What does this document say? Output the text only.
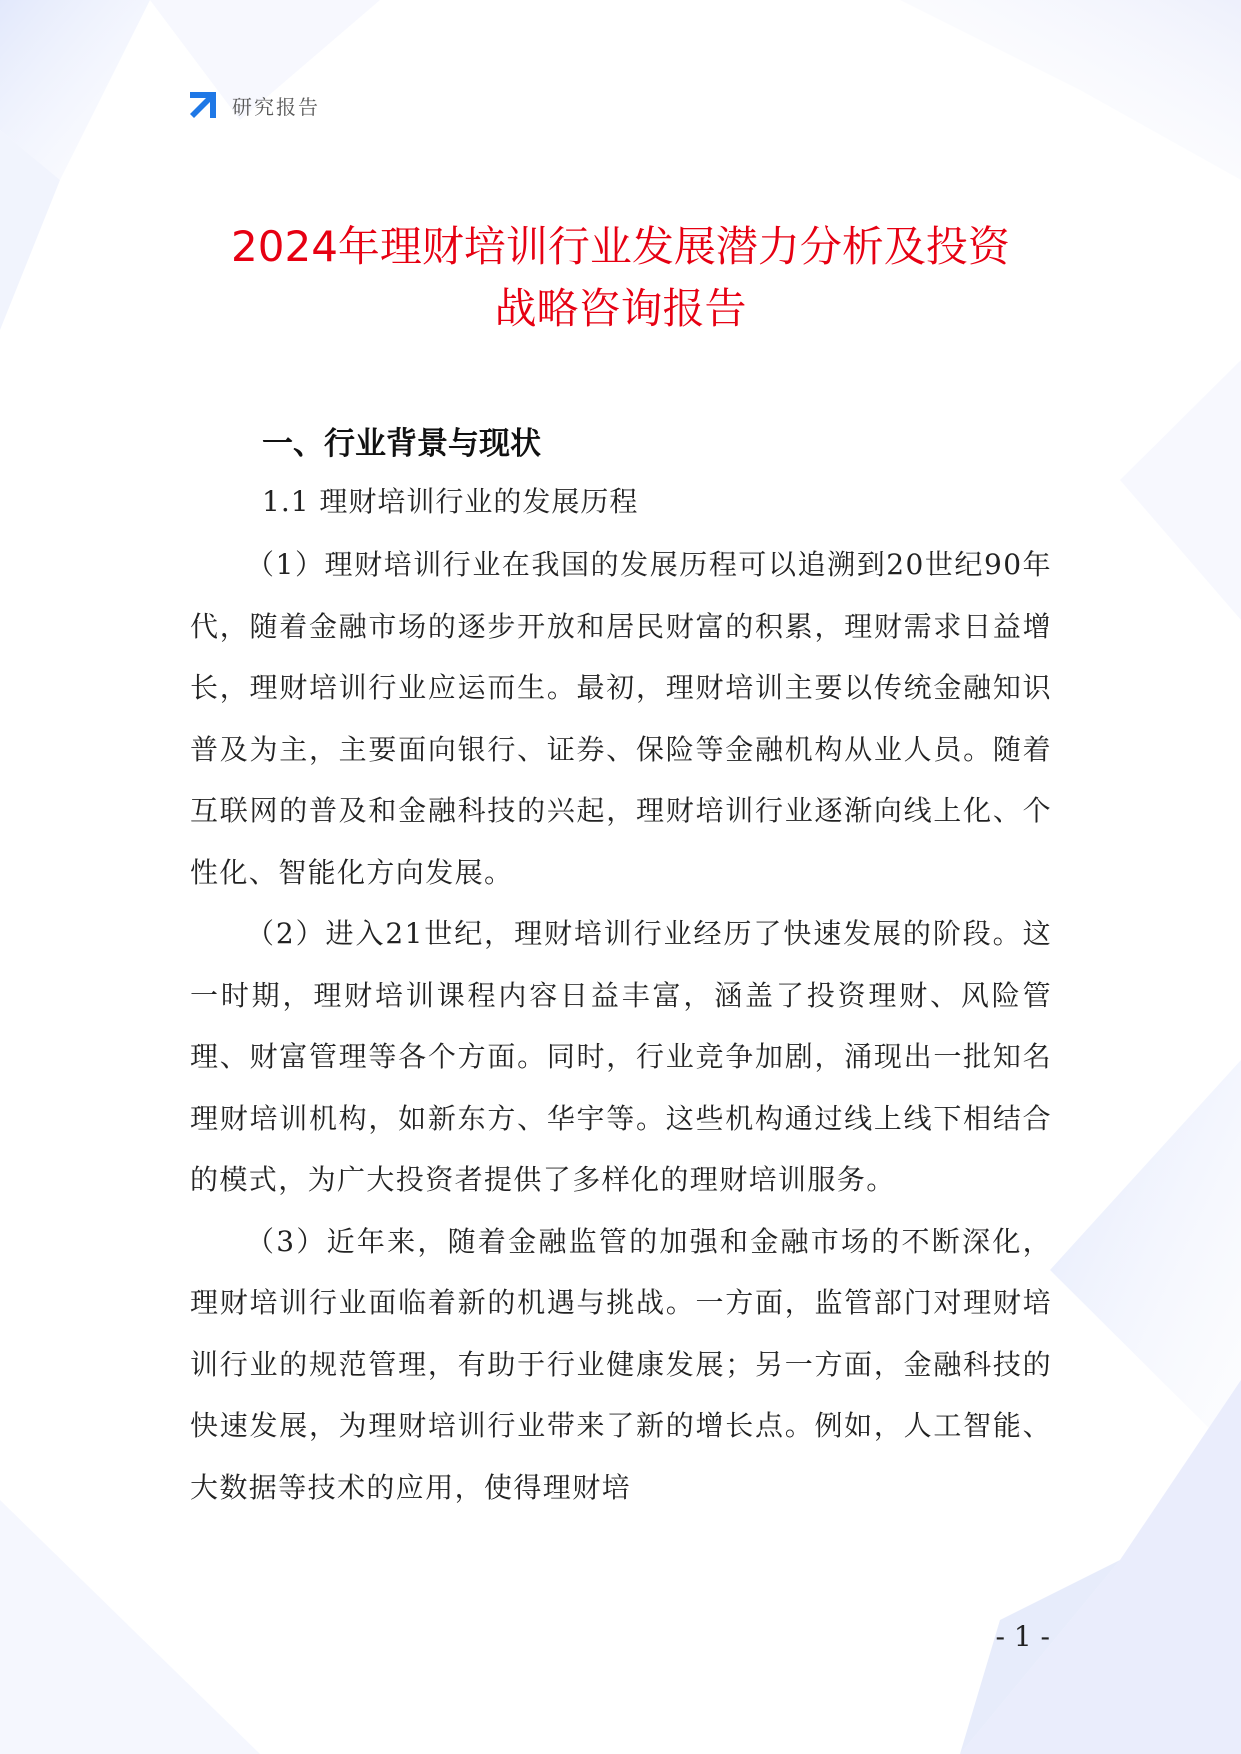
研究报告
2024年理财培训行业发展潜力分析及投资
战略咨询报告
一、行业背景与现状
1.1 理财培训行业的发展历程

（1）理财培训行业在我国的发展历程可以追溯到20世纪90年代，随着金融市场的逐步开放和居民财富的积累，理财需求日益增长，理财培训行业应运而生。最初，理财培训主要以传统金融知识普及为主，主要面向银行、证券、保险等金融机构从业人员。随着互联网的普及和金融科技的兴起，理财培训行业逐渐向线上化、个性化、智能化方向发展。

（2）进入21世纪，理财培训行业经历了快速发展的阶段。这一时期，理财培训课程内容日益丰富，涵盖了投资理财、风险管理、财富管理等各个方面。同时，行业竞争加剧，涌现出一批知名理财培训机构，如新东方、华宇等。这些机构通过线上线下相结合的模式，为广大投资者提供了多样化的理财培训服务。

（3）近年来，随着金融监管的加强和金融市场的不断深化，理财培训行业面临着新的机遇与挑战。一方面，监管部门对理财培训行业的规范管理，有助于行业健康发展；另一方面，金融科技的快速发展，为理财培训行业带来了新的增长点。例如，人工智能、大数据等技术的应用，使得理财培

- 1 -
